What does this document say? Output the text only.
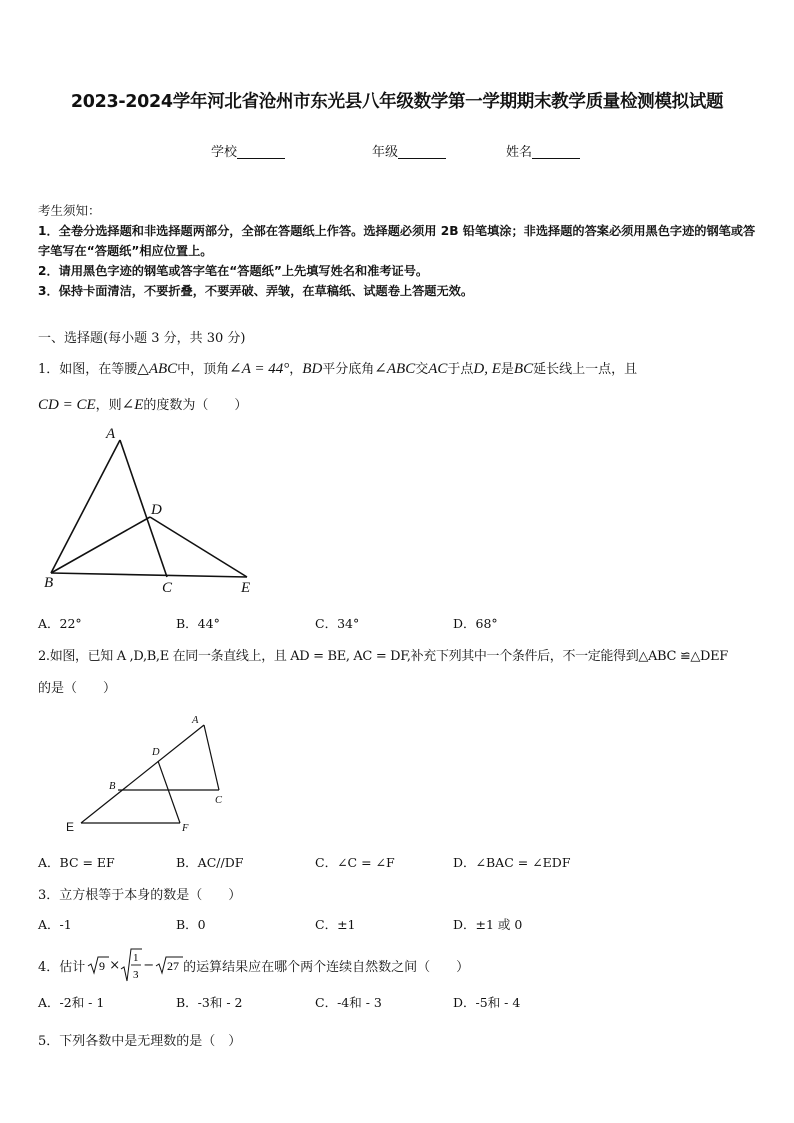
2023-2024学年河北省沧州市东光县八年级数学第一学期期末教学质量检测模拟试题
学校	年级	姓名
考生须知：
1．全卷分选择题和非选择题两部分，全部在答题纸上作答。选择题必须用 2B 铅笔填涂；非选择题的答案必须用黑色字迹的钢笔或答字笔写在“答题纸”相应位置上。
2．请用黑色字迹的钢笔或答字笔在“答题纸”上先填写姓名和准考证号。
3．保持卡面清洁，不要折叠，不要弄破、弄皱，在草稿纸、试题卷上答题无效。
一、选择题(每小题 3 分，共 30 分)
1．如图，在等腰△ABC中，顶角∠A = 44°，BD平分底角∠ABC交AC于点D, E是BC延长线上一点，且
CD = CE，则∠E的度数为（　　）
A
B	C
D
E
A．22°	B．44°	C．34°	D．68°
2.如图，已知 A ,D,B,E 在同一条直线上，且 AD = BE, AC = DF,补充下列其中一个条件后，不一定能得到△ABC ≌△DEF
的是（　　）
A
D
B
C
F
E
A．BC = EF	B．AC//DF	C．∠C = ∠F	D．∠BAC = ∠EDF
3．立方根等于本身的数是（　　）
A．-1	B．0	C．±1	D．±1 或 0
4．估计 9 × 1
3
− 27 的运算结果应在哪个两个连续自然数之间（　　）
A．-2和 - 1	B．-3和 - 2	C．-4和 - 3	D．-5和 - 4
5．下列各数中是无理数的是（　）
